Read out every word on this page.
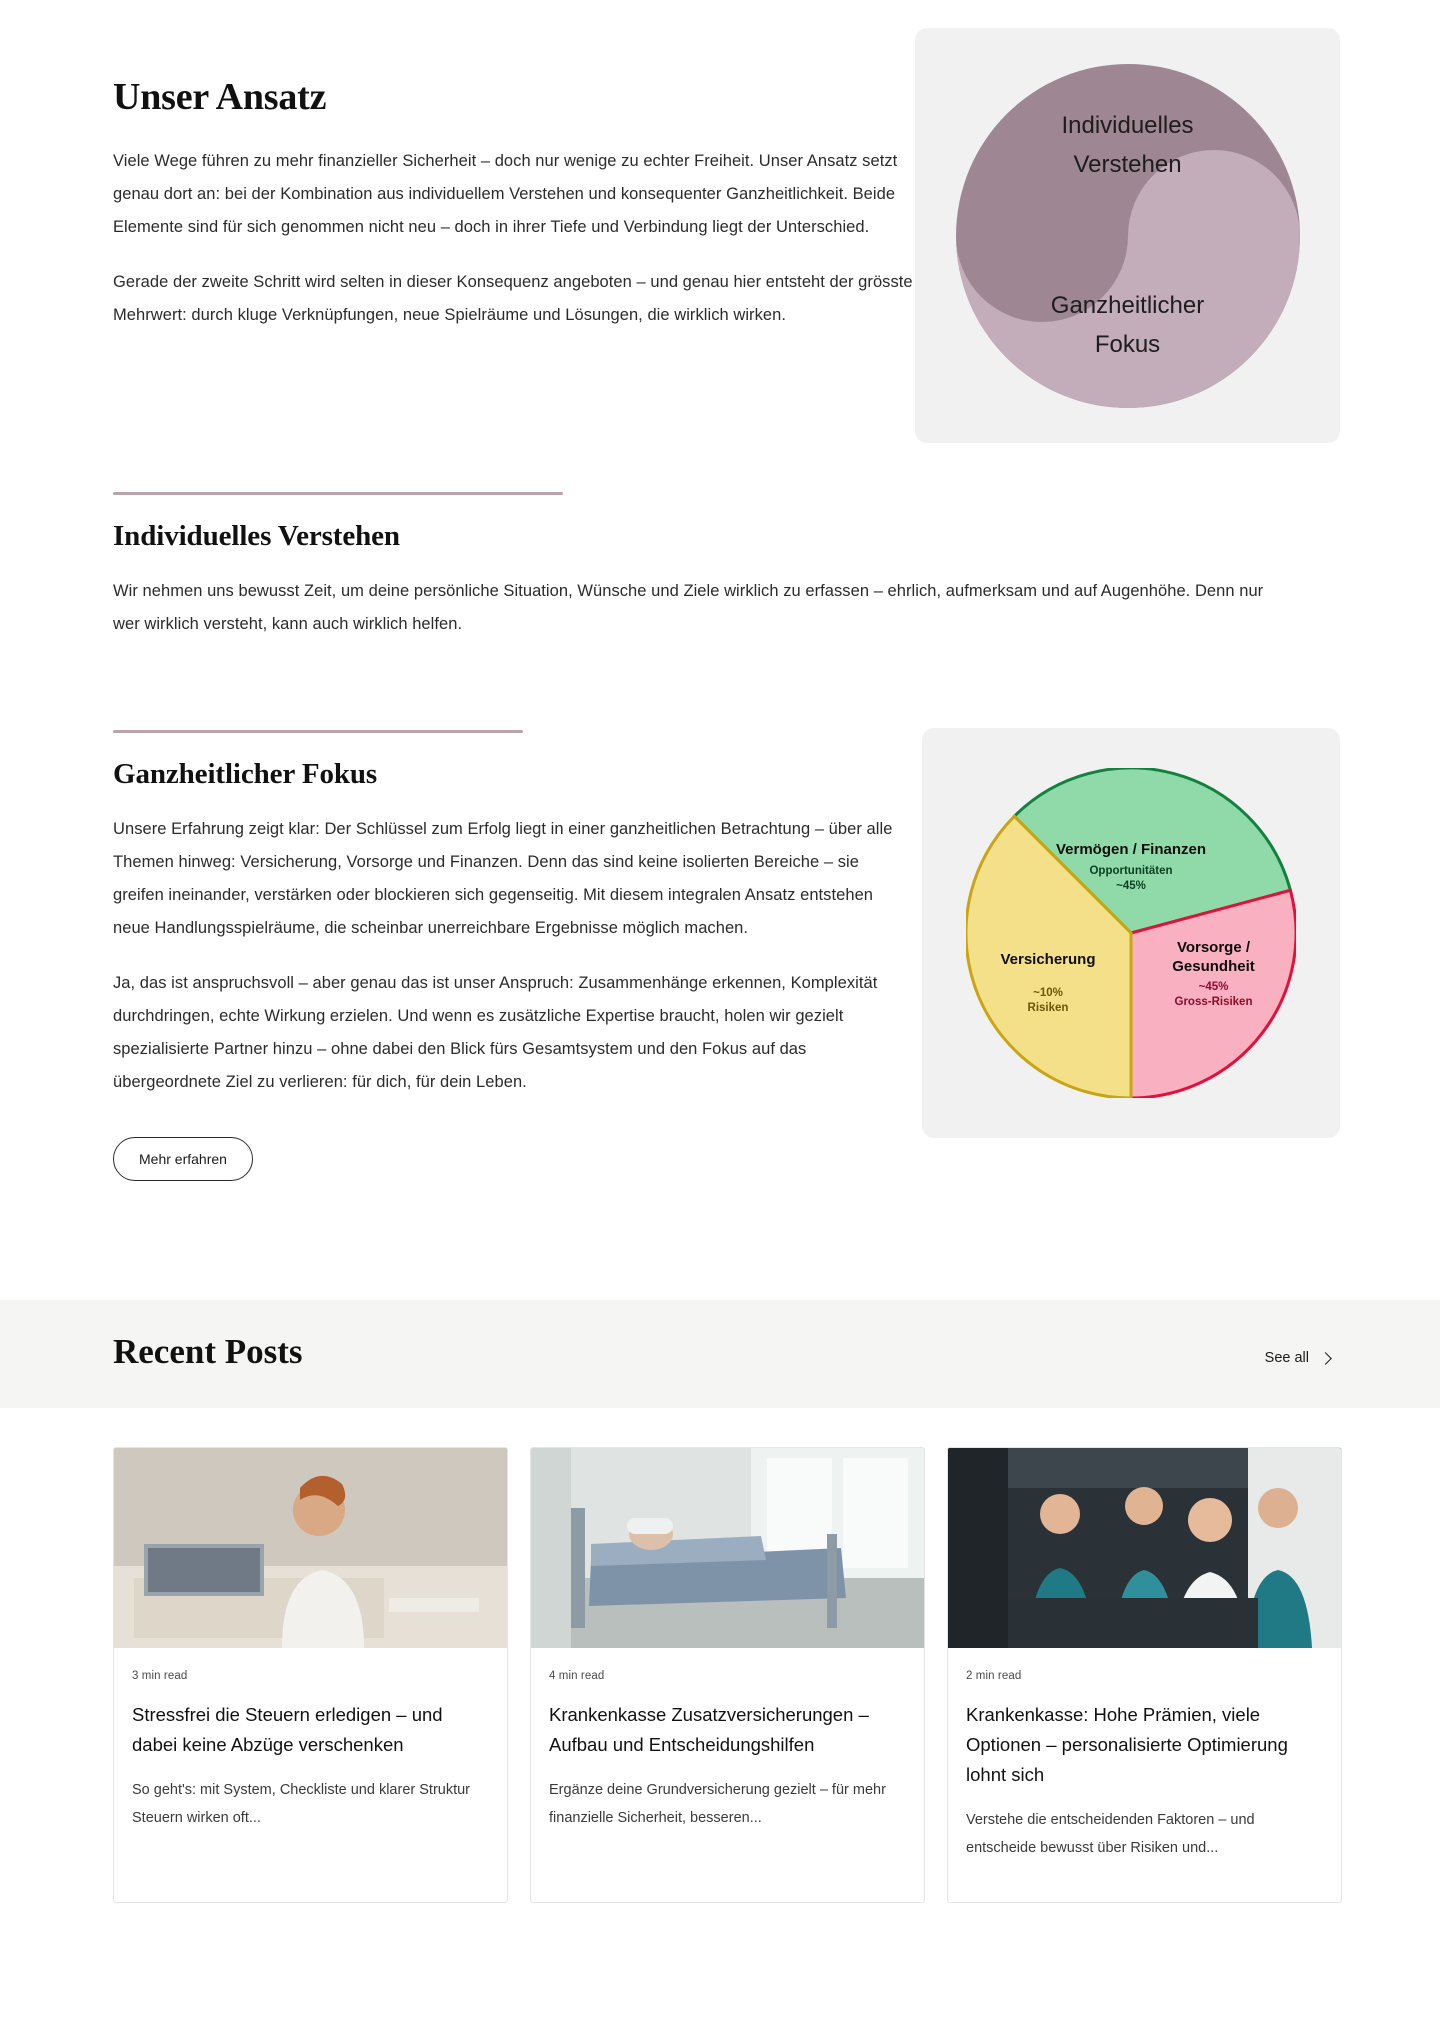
Unser Ansatz

Viele Wege führen zu mehr finanzieller Sicherheit – doch nur wenige zu echter Freiheit. Unser Ansatz setzt genau dort an: bei der Kombination aus individuellem Verstehen und konsequenter Ganzheitlichkeit. Beide Elemente sind für sich genommen nicht neu – doch in ihrer Tiefe und Verbindung liegt der Unterschied.

Gerade der zweite Schritt wird selten in dieser Konsequenz angeboten – und genau hier entsteht der grösste Mehrwert: durch kluge Verknüpfungen, neue Spielräume und Lösungen, die wirklich wirken.

Individuelles
Verstehen
Ganzheitlicher
Fokus
Individuelles Verstehen

Wir nehmen uns bewusst Zeit, um deine persönliche Situation, Wünsche und Ziele wirklich zu erfassen – ehrlich, aufmerksam und auf Augenhöhe. Denn nur wer wirklich versteht, kann auch wirklich helfen.

Ganzheitlicher Fokus

Unsere Erfahrung zeigt klar: Der Schlüssel zum Erfolg liegt in einer ganzheitlichen Betrachtung – über alle Themen hinweg: Versicherung, Vorsorge und Finanzen. Denn das sind keine isolierten Bereiche – sie greifen ineinander, verstärken oder blockieren sich gegenseitig. Mit diesem integralen Ansatz entstehen neue Handlungsspielräume, die scheinbar unerreichbare Ergebnisse möglich machen.

Ja, das ist anspruchsvoll – aber genau das ist unser Anspruch: Zusammenhänge erkennen, Komplexität durchdringen, echte Wirkung erzielen. Und wenn es zusätzliche Expertise braucht, holen wir gezielt spezialisierte Partner hinzu – ohne dabei den Blick fürs Gesamtsystem und den Fokus auf das übergeordnete Ziel zu verlieren: für dich, für dein Leben.

Mehr erfahren
Vermögen / Finanzen
Opportunitäten
~45%
Vorsorge / Gesundheit
~45%
Gross-Risiken
Versicherung
~10%
Risiken
Recent Posts	See all
3 min read
Stressfrei die Steuern erledigen – und dabei keine Abzüge verschenken
So geht's: mit System, Checkliste und klarer Struktur Steuern wirken oft...
4 min read
Krankenkasse Zusatzversicherungen – Aufbau und Entscheidungshilfen
Ergänze deine Grundversicherung gezielt – für mehr finanzielle Sicherheit, besseren...
2 min read
Krankenkasse: Hohe Prämien, viele Optionen – personalisierte Optimierung lohnt sich
Verstehe die entscheidenden Faktoren – und entscheide bewusst über Risiken und...
